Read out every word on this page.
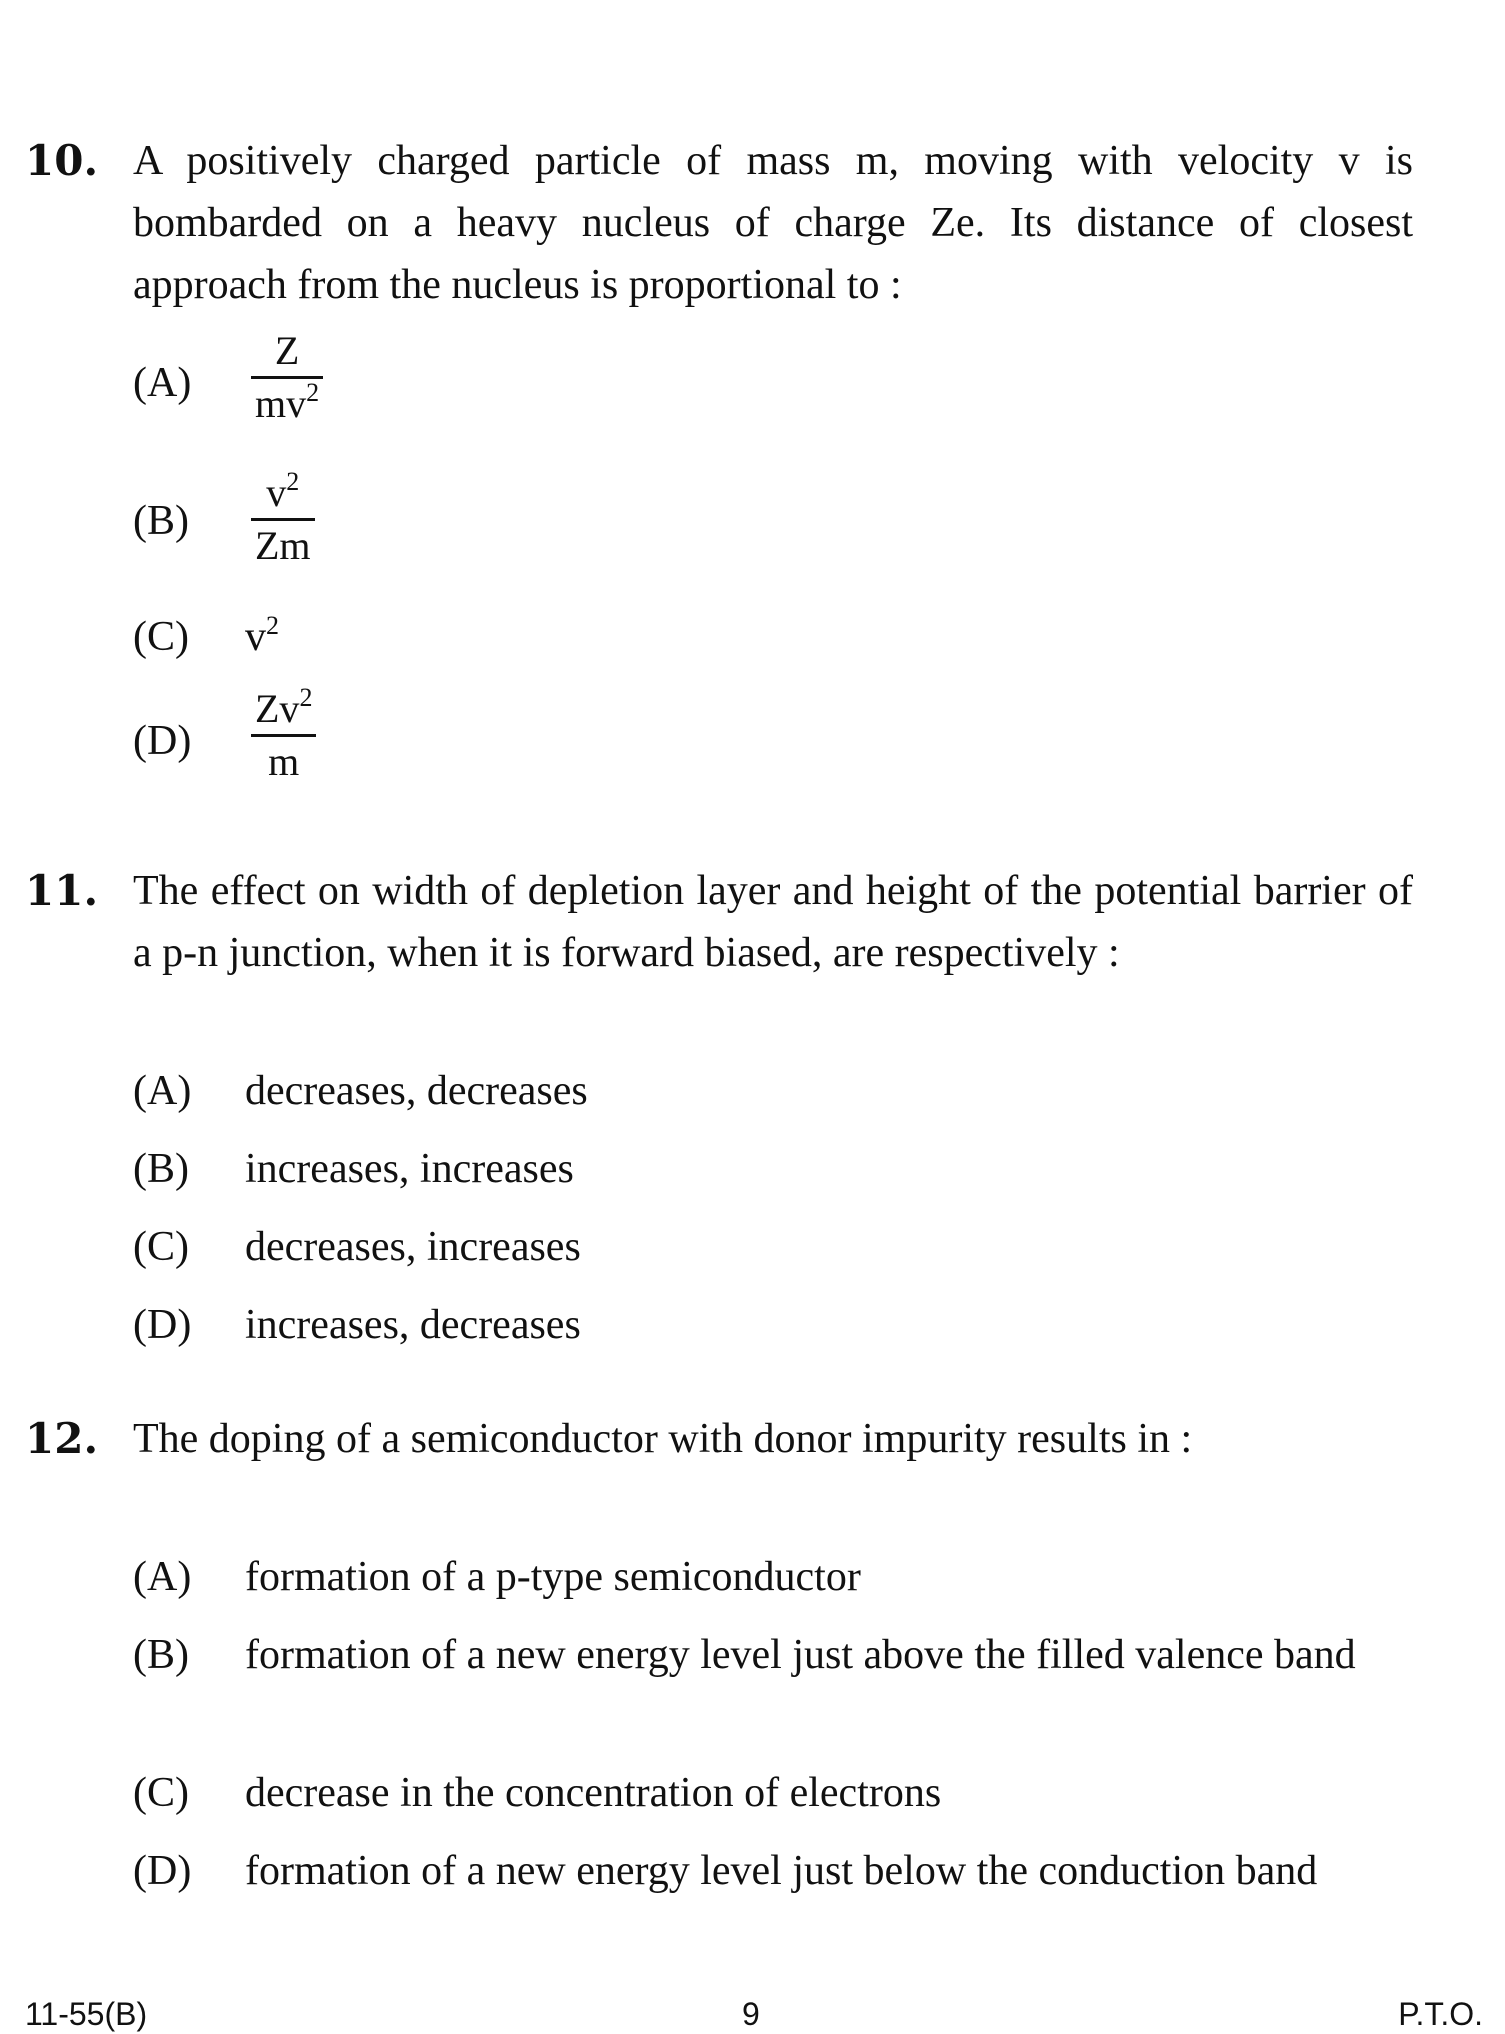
10. A positively charged particle of mass m, moving with velocity v is bombarded on a heavy nucleus of charge Ze. Its distance of closest approach from the nucleus is proportional to :
(A)
Z
$mv^2$
(B)
$v^2$
Zm
(C) $v^2$
(D)
Zv$^2$
m
11. The effect on width of depletion layer and height of the potential barrier of a p-n junction, when it is forward biased, are respectively :
(A) decreases, decreases
(B) increases, increases
(C) decreases, increases
(D) increases, decreases
12. The doping of a semiconductor with donor impurity results in :
(A) formation of a p-type semiconductor
(B) formation of a new energy level just above the filled valence band
(C) decrease in the concentration of electrons
(D) formation of a new energy level just below the conduction band
11-55(B)	9	P.T.O.
